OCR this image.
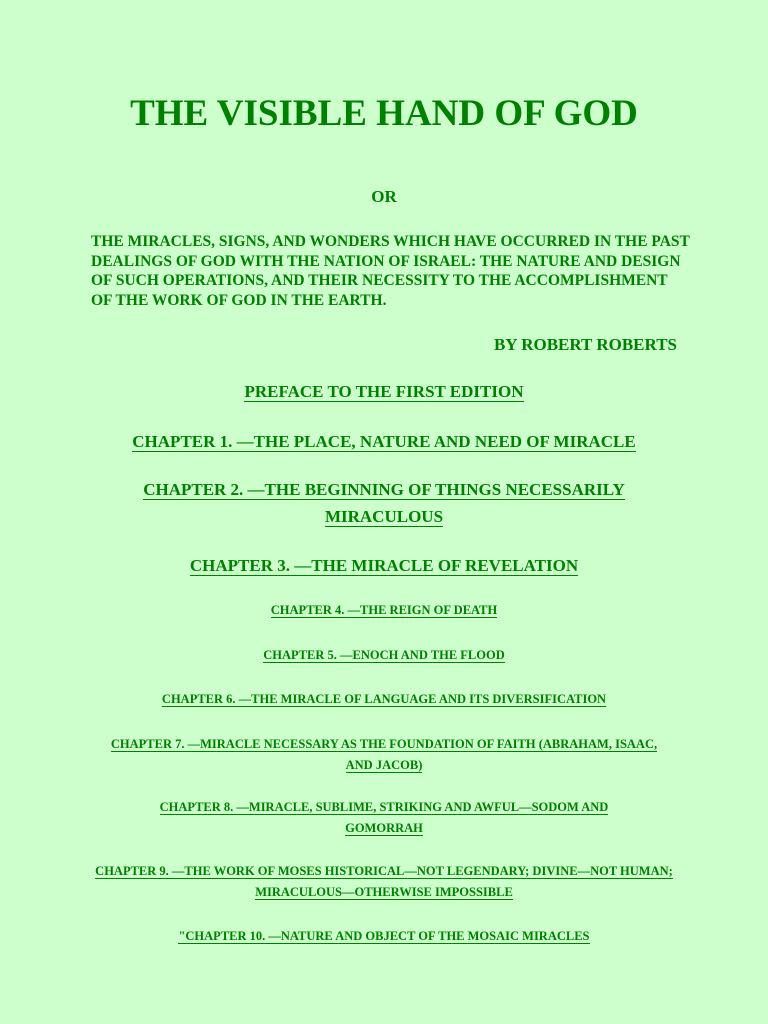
THE VISIBLE HAND OF GOD
OR
THE MIRACLES, SIGNS, AND WONDERS WHICH HAVE OCCURRED IN THE PAST DEALINGS OF GOD WITH THE NATION OF ISRAEL: THE NATURE AND DESIGN OF SUCH OPERATIONS, AND THEIR NECESSITY TO THE ACCOMPLISHMENT OF THE WORK OF GOD IN THE EARTH.
BY ROBERT ROBERTS
PREFACE TO THE FIRST EDITION
CHAPTER 1. —THE PLACE, NATURE AND NEED OF MIRACLE
CHAPTER 2. —THE BEGINNING OF THINGS NECESSARILY MIRACULOUS
CHAPTER 3. —THE MIRACLE OF REVELATION
CHAPTER 4. —THE REIGN OF DEATH
CHAPTER 5. —ENOCH AND THE FLOOD
CHAPTER 6. —THE MIRACLE OF LANGUAGE AND ITS DIVERSIFICATION
CHAPTER 7. —MIRACLE NECESSARY AS THE FOUNDATION OF FAITH (ABRAHAM, ISAAC, AND JACOB)
CHAPTER 8. —MIRACLE, SUBLIME, STRIKING AND AWFUL—SODOM AND GOMORRAH
CHAPTER 9. —THE WORK OF MOSES HISTORICAL—NOT LEGENDARY; DIVINE—NOT HUMAN; MIRACULOUS—OTHERWISE IMPOSSIBLE
"CHAPTER 10. —NATURE AND OBJECT OF THE MOSAIC MIRACLES
